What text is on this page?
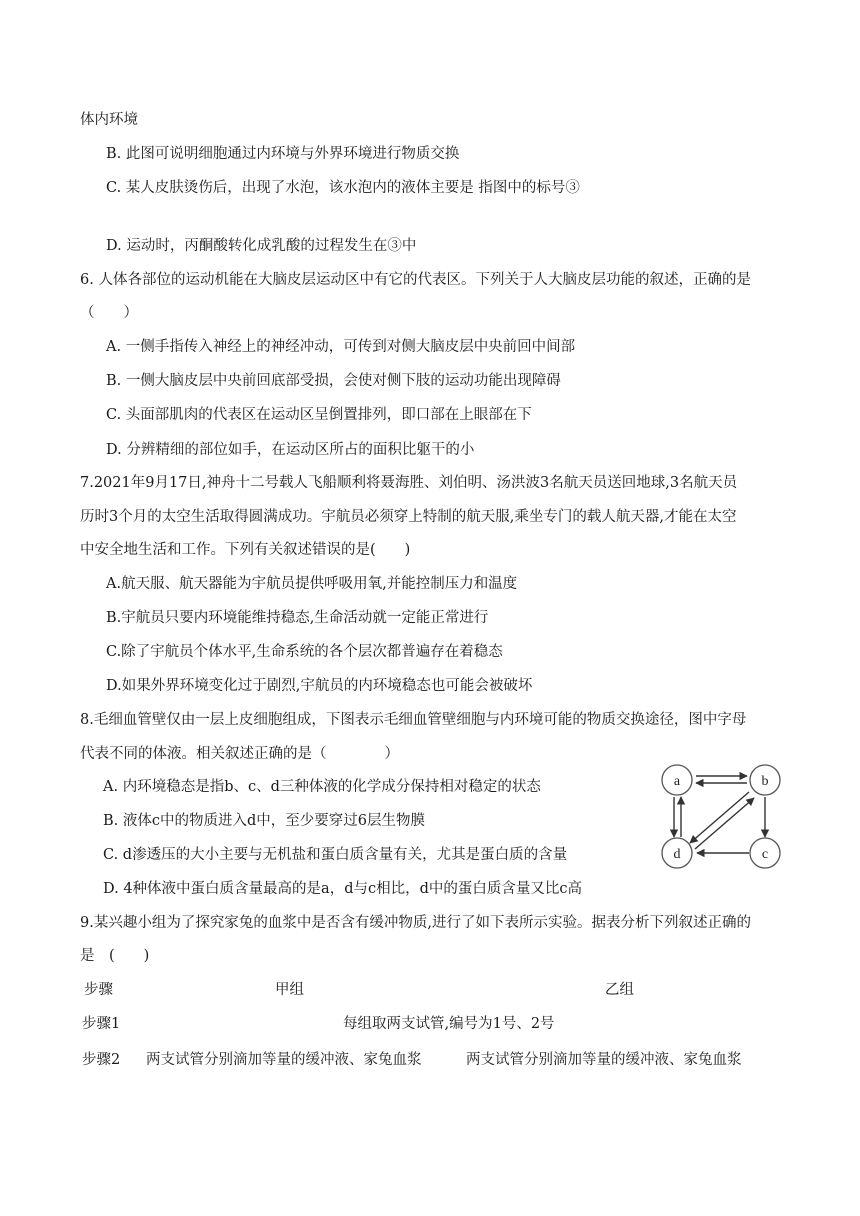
体内环境
B. 此图可说明细胞通过内环境与外界环境进行物质交换
C. 某人皮肤烫伤后，出现了水泡，该水泡内的液体主要是 指图中的标号③
D. 运动时，丙酮酸转化成乳酸的过程发生在③中
6. 人体各部位的运动机能在大脑皮层运动区中有它的代表区。下列关于人大脑皮层功能的叙述，正确的是
（　　）
A. 一侧手指传入神经上的神经冲动，可传到对侧大脑皮层中央前回中间部
B. 一侧大脑皮层中央前回底部受损，会使对侧下肢的运动功能出现障碍
C. 头面部肌肉的代表区在运动区呈倒置排列，即口部在上眼部在下
D. 分辨精细的部位如手，在运动区所占的面积比躯干的小
7.2021年9月17日,神舟十二号载人飞船顺利将聂海胜、刘伯明、汤洪波3名航天员送回地球,3名航天员
历时3个月的太空生活取得圆满成功。宇航员必须穿上特制的航天服,乘坐专门的载人航天器,才能在太空
中安全地生活和工作。下列有关叙述错误的是(　　)
A.航天服、航天器能为宇航员提供呼吸用氧,并能控制压力和温度
B.宇航员只要内环境能维持稳态,生命活动就一定能正常进行
C.除了宇航员个体水平,生命系统的各个层次都普遍存在着稳态
D.如果外界环境变化过于剧烈,宇航员的内环境稳态也可能会被破坏
8.毛细血管壁仅由一层上皮细胞组成，下图表示毛细血管壁细胞与内环境可能的物质交换途径，图中字母
代表不同的体液。相关叙述正确的是（　　　　）
A. 内环境稳态是指b、c、d三种体液的化学成分保持相对稳定的状态
B. 液体c中的物质进入d中，至少要穿过6层生物膜
C. d渗透压的大小主要与无机盐和蛋白质含量有关，尤其是蛋白质的含量
D. 4种体液中蛋白质含量最高的是a，d与c相比，d中的蛋白质含量又比c高
a	b
c
d
9.某兴趣小组为了探究家兔的血浆中是否含有缓冲物质,进行了如下表所示实验。据表分析下列叙述正确的
是　(　　)
步骤	甲组	乙组
步骤1	每组取两支试管,编号为1号、2号
步骤2 两支试管分别滴加等量的缓冲液、家兔血浆	两支试管分别滴加等量的缓冲液、家兔血浆
